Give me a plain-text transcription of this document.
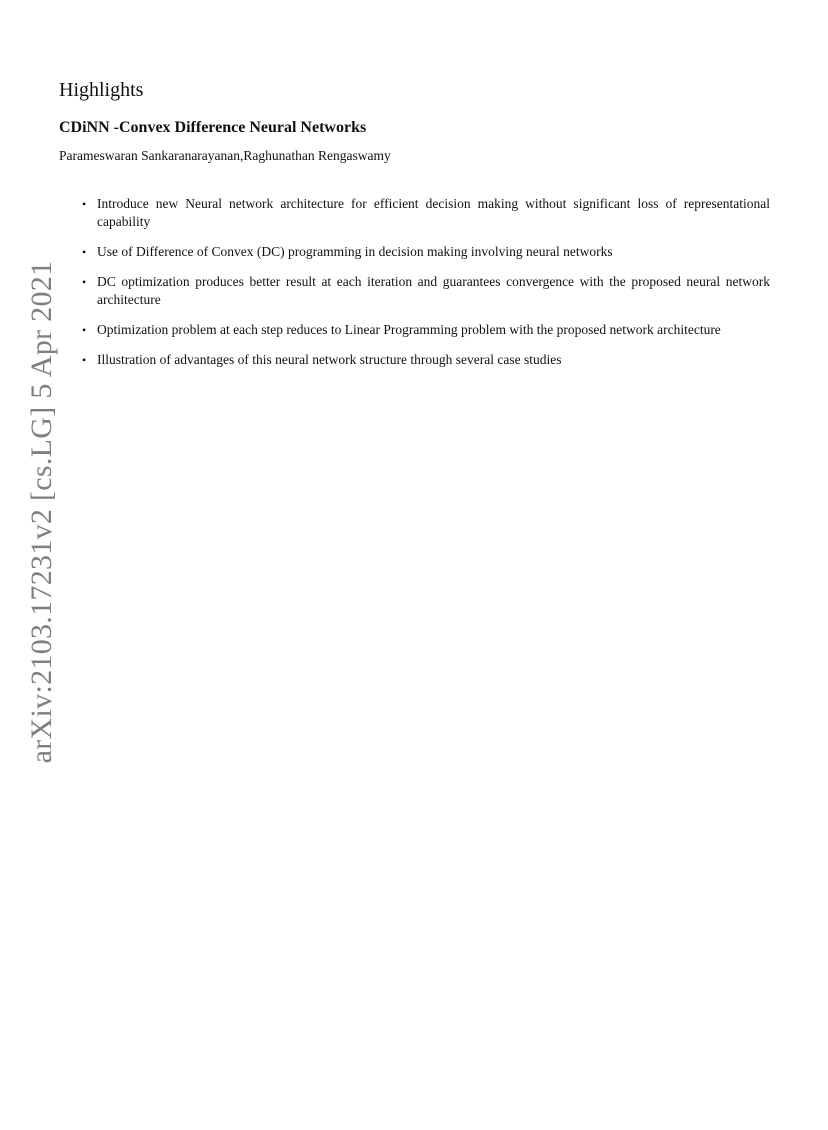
arXiv:2103.17231v2 [cs.LG] 5 Apr 2021
Highlights
CDiNN -Convex Difference Neural Networks

Parameswaran Sankaranarayanan,Raghunathan Rengaswamy

• Introduce new Neural network architecture for efficient decision making without significant loss of representational capability
• Use of Difference of Convex (DC) programming in decision making involving neural networks
• DC optimization produces better result at each iteration and guarantees convergence with the proposed neural network architecture
• Optimization problem at each step reduces to Linear Programming problem with the proposed network architecture
• Illustration of advantages of this neural network structure through several case studies
